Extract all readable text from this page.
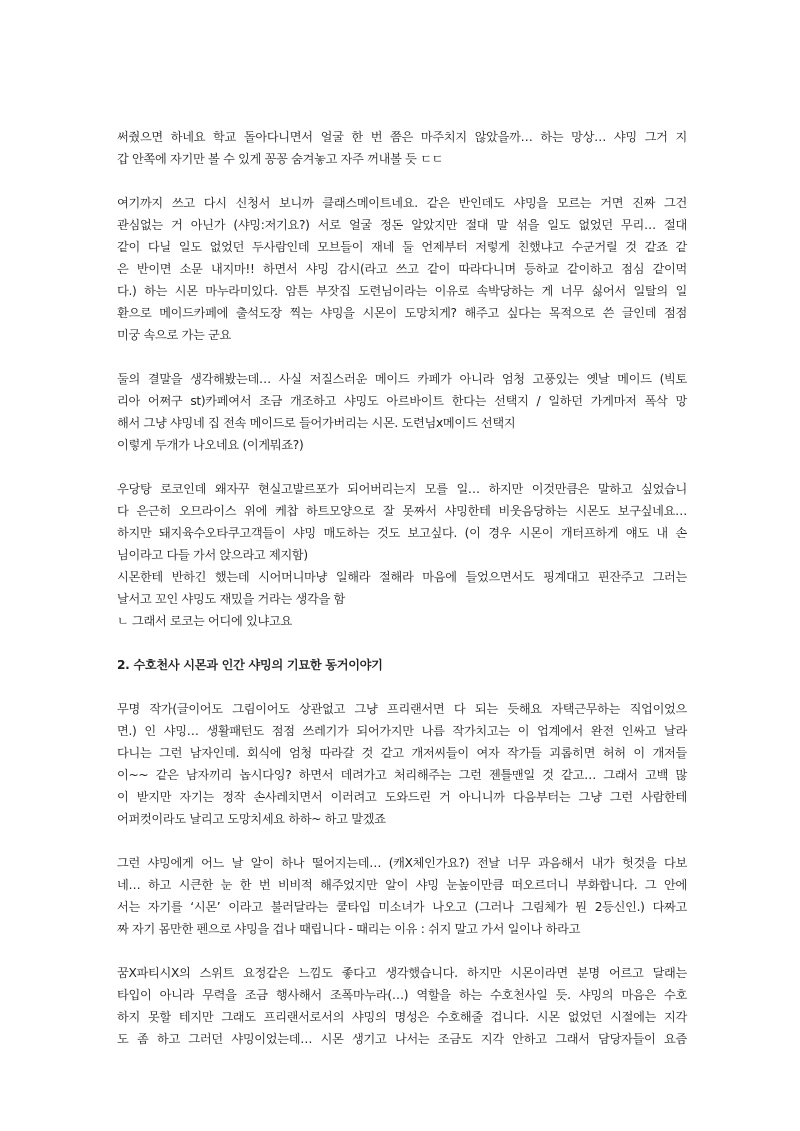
써줬으면 하네요 학교 돌아다니면서 얼굴 한 번 쯤은 마주치지 않았을까… 하는 망상… 샤밍 그거 지
갑 안쪽에 자기만 볼 수 있게 꽁꽁 숨겨놓고 자주 꺼내볼 듯 ㄷㄷ
여기까지 쓰고 다시 신청서 보니까 클래스메이트네요. 같은 반인데도 샤밍을 모르는 거면 진짜 그건
관심없는 거 아닌가 (샤밍:저기요?) 서로 얼굴 정돈 알았지만 절대 말 섞을 일도 없었던 무리… 절대
같이 다닐 일도 없었던 두사람인데 모브들이 재네 둘 언제부터 저렇게 친했냐고 수군거릴 것 같죠 같
은 반이면 소문 내지마!! 하면서 샤밍 감시(라고 쓰고 같이 따라다니며 등하교 같이하고 점심 같이먹
다.) 하는 시몬 마누라미있다. 암튼 부잣집 도련님이라는 이유로 속박당하는 게 너무 싫어서 일탈의 일
환으로 메이드카페에 출석도장 찍는 샤밍을 시몬이 도망치게? 해주고 싶다는 목적으로 쓴 글인데 점점
미궁 속으로 가는 군요
둘의 결말을 생각해봤는데… 사실 저질스러운 메이드 카페가 아니라 엄청 고풍있는 옛날 메이드 (빅토
리아 어쩌구 st)카페여서 조금 개조하고 샤밍도 아르바이트 한다는 선택지 / 일하던 가게마저 폭삭 망
해서 그냥 샤밍네 집 전속 메이드로 들어가버리는 시몬. 도련님x메이드 선택지
이렇게 두개가 나오네요 (이게뭐죠?)
우당탕 로코인데 왜자꾸 현실고발르포가 되어버리는지 모를 일… 하지만 이것만큼은 말하고 싶었습니
다 은근히 오므라이스 위에 케찹 하트모양으로 잘 못짜서 샤밍한테 비웃음당하는 시몬도 보구싶네요…
하지만 돼지육수오타쿠고객들이 샤밍 매도하는 것도 보고싶다. (이 경우 시몬이 개터프하게 얘도 내 손
님이라고 다들 가서 앉으라고 제지함)
시몬한테 반하긴 했는데 시어머니마냥 일해라 절해라 마음에 들었으면서도 핑계대고 핀잔주고 그러는
날서고 꼬인 샤밍도 재밌을 거라는 생각을 함
ㄴ 그래서 로코는 어디에 있냐고요
2. 수호천사 시몬과 인간 샤밍의 기묘한 동거이야기
무명 작가(글이어도 그림이어도 상관없고 그냥 프리랜서면 다 되는 듯해요 자택근무하는 직업이었으
면.) 인 샤밍… 생활패턴도 점점 쓰레기가 되어가지만 나름 작가치고는 이 업계에서 완전 인싸고 날라
다니는 그런 남자인데. 회식에 엄청 따라갈 것 같고 개저씨들이 여자 작가들 괴롭히면 허허 이 개저들
이~~ 같은 남자끼리 놉시다잉? 하면서 데려가고 처리해주는 그런 젠틀맨일 것 같고… 그래서 고백 많
이 받지만 자기는 정작 손사레치면서 이러려고 도와드린 거 아니니까 다음부터는 그냥 그런 사람한테
어퍼컷이라도 날리고 도망치세요 하하~ 하고 말겠죠
그런 샤밍에게 어느 날 알이 하나 떨어지는데… (캐X체인가요?) 전날 너무 과음해서 내가 헛것을 다보
네… 하고 시큰한 눈 한 번 비비적 해주었지만 알이 샤밍 눈높이만큼 떠오르더니 부화합니다. 그 안에
서는 자기를 ‘시몬’ 이라고 불러달라는 쿨타입 미소녀가 나오고 (그러나 그림체가 뭔 2등신인.) 다짜고
짜 자기 몸만한 펜으로 샤밍을 겁나 때립니다 - 때리는 이유 : 쉬지 말고 가서 일이나 하라고
꿈X파티시X의 스위트 요정같은 느낌도 좋다고 생각했습니다. 하지만 시몬이라면 분명 어르고 달래는
타입이 아니라 무력을 조금 행사해서 조폭마누라(…) 역할을 하는 수호천사일 듯. 샤밍의 마음은 수호
하지 못할 테지만 그래도 프리랜서로서의 샤밍의 명성은 수호해줄 겁니다. 시몬 없었던 시절에는 지각
도 좀 하고 그러던 샤밍이었는데… 시몬 생기고 나서는 조금도 지각 안하고 그래서 담당자들이 요즘
